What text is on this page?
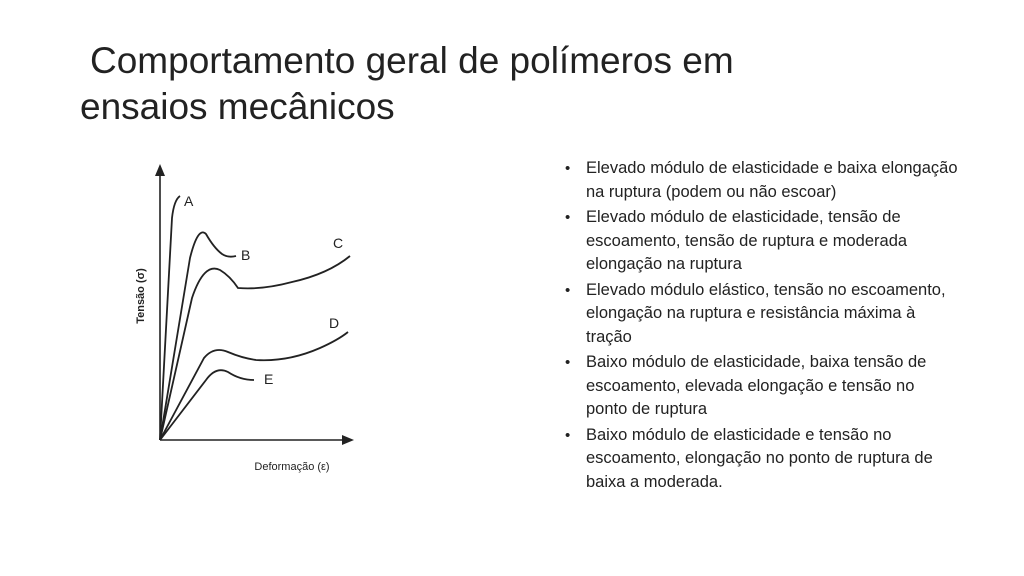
Comportamento geral de polímeros em
ensaios mecânicos
Tensão (σ)
Deformação (ε)
A
B
C
D
E
• Elevado módulo de elasticidade e baixa elongação na ruptura (podem ou não escoar)
• Elevado módulo de elasticidade, tensão de escoamento, tensão de ruptura e moderada elongação na ruptura
• Elevado módulo elástico, tensão no escoamento, elongação na ruptura e resistância máxima à tração
• Baixo módulo de elasticidade, baixa tensão de escoamento, elevada elongação e tensão no ponto de ruptura
• Baixo módulo de elasticidade e tensão no escoamento, elongação no ponto de ruptura de baixa a moderada.
